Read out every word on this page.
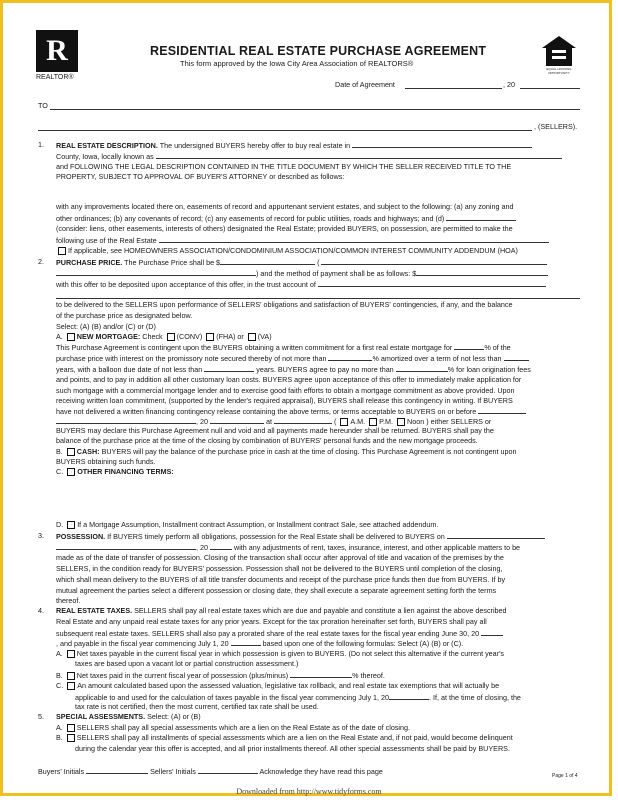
R
REALTOR®
EQUAL HOUSING OPPORTUNITY
RESIDENTIAL REAL ESTATE PURCHASE AGREEMENT
This form approved by the Iowa City Area Association of REALTORS®
Date of Agreement	, 20
TO
, (SELLERS).
1. REAL ESTATE DESCRIPTION. The undersigned BUYERS hereby offer to buy real estate in
County, Iowa, locally known as
and FOLLOWING THE LEGAL DESCRIPTION CONTAINED IN THE TITLE DOCUMENT BY WHICH THE SELLER RECEIVED TITLE TO THE
PROPERTY, SUBJECT TO APPROVAL OF BUYER'S ATTORNEY or described as follows:
with any improvements located there on, easements of record and appurtenant servient estates, and subject to the following: (a) any zoning and
other ordinances; (b) any covenants of record; (c) any easements of record for public utilities, roads and highways; and (d)
(consider: liens, other easements, interests of others) designated the Real Estate; provided BUYERS, on possession, are permitted to make the
following use of the Real Estate
If applicable, see HOMEOWNERS ASSOCIATION/CONDOMINIUM ASSOCIATION/COMMON INTEREST COMMUNITY ADDENDUM (HOA)
2. PURCHASE PRICE. The Purchase Price shall be $	(
) and the method of payment shall be as follows: $
with this offer to be deposited upon acceptance of this offer, in the trust account of
to be delivered to the SELLERS upon performance of SELLERS' obligations and satisfaction of BUYERS' contingencies, if any, and the balance
of the purchase price as designated below.
Select: (A) (B) and/or (C) or (D)
A. NEW MORTGAGE: Check (CONV) (FHA) or (VA)
This Purchase Agreement is contingent upon the BUYERS obtaining a written commitment for a first real estate mortgage for	% of the
purchase price with interest on the promissory note secured thereby of not more than	% amortized over a term of not less than
years, with a balloon due date of not less than	years. BUYERS agree to pay no more than	% for loan origination fees
and points, and to pay in addition all other customary loan costs. BUYERS agree upon acceptance of this offer to immediately make application for
such mortgage with a commercial mortgage lender and to exercise good faith efforts to obtain a mortgage commitment as above provided. Upon
receiving written loan commitment, (supported by the lender's required appraisal), BUYERS shall release this contingency in writing. If BUYERS
have not delivered a written financing contingency release containing the above terms, or terms acceptable to BUYERS on or before
, 20	at	( A.M. P.M. Noon ) either SELLERS or
BUYERS may declare this Purchase Agreement null and void and all payments made hereunder shall be returned. BUYERS shall pay the
balance of the purchase price at the time of the closing by combination of BUYERS' personal funds and the new mortgage proceeds.
B. CASH: BUYERS will pay the balance of the purchase price in cash at the time of closing. This Purchase Agreement is not contingent upon
BUYERS obtaining such funds.
C. OTHER FINANCING TERMS:
D. If a Mortgage Assumption, Installment contract Assumption, or Installment contract Sale, see attached addendum.
3. POSSESSION. If BUYERS timely perform all obligations, possession for the Real Estate shall be delivered to BUYERS on
, 20	with any adjustments of rent, taxes, insurance, interest, and other applicable matters to be
made as of the date of transfer of possession. Closing of the transaction shall occur after approval of title and vacation of the premises by the
SELLERS, in the condition ready for BUYERS' possession. Possession shall not be delivered to the BUYERS until completion of the closing,
which shall mean delivery to the BUYERS of all title transfer documents and receipt of the purchase price funds then due from BUYERS. If by
mutual agreement the parties select a different possession or closing date, they shall execute a separate agreement setting forth the terms
thereof.
4. REAL ESTATE TAXES. SELLERS shall pay all real estate taxes which are due and payable and constitute a lien against the above described
Real Estate and any unpaid real estate taxes for any prior years. Except for the tax proration hereinafter set forth, BUYERS shall pay all
subsequent real estate taxes. SELLERS shall also pay a prorated share of the real estate taxes for the fiscal year ending June 30, 20
, and payable in the fiscal year commencing July 1, 20	based upon one of the following formulas: Select (A) (B) or (C).
A. Net taxes payable in the current fiscal year in which possession is given to BUYERS. (Do not select this alternative if the current year's
taxes are based upon a vacant lot or partial construction assessment.)
B. Net taxes paid in the current fiscal year of possession (plus/minus)	% thereof.
C. An amount calculated based upon the assessed valuation, legislative tax rollback, and real estate tax exemptions that will actually be
applicable to and used for the calculation of taxes payable in the fiscal year commencing July 1, 20	. If, at the time of closing, the
tax rate is not certified, then the most current, certified tax rate shall be used.
5. SPECIAL ASSESSMENTS. Select: (A) or (B)
A. SELLERS shall pay all special assessments which are a lien on the Real Estate as of the date of closing.
B. SELLERS shall pay all installments of special assessments which are a lien on the Real Estate and, if not paid, would become delinquent
during the calendar year this offer is accepted, and all prior installments thereof. All other special assessments shall be paid by BUYERS.
Buyers' Initials	Sellers' Initials	Acknowledge they have read this page	Page 1 of 4
Downloaded from http://www.tidyforms.com
